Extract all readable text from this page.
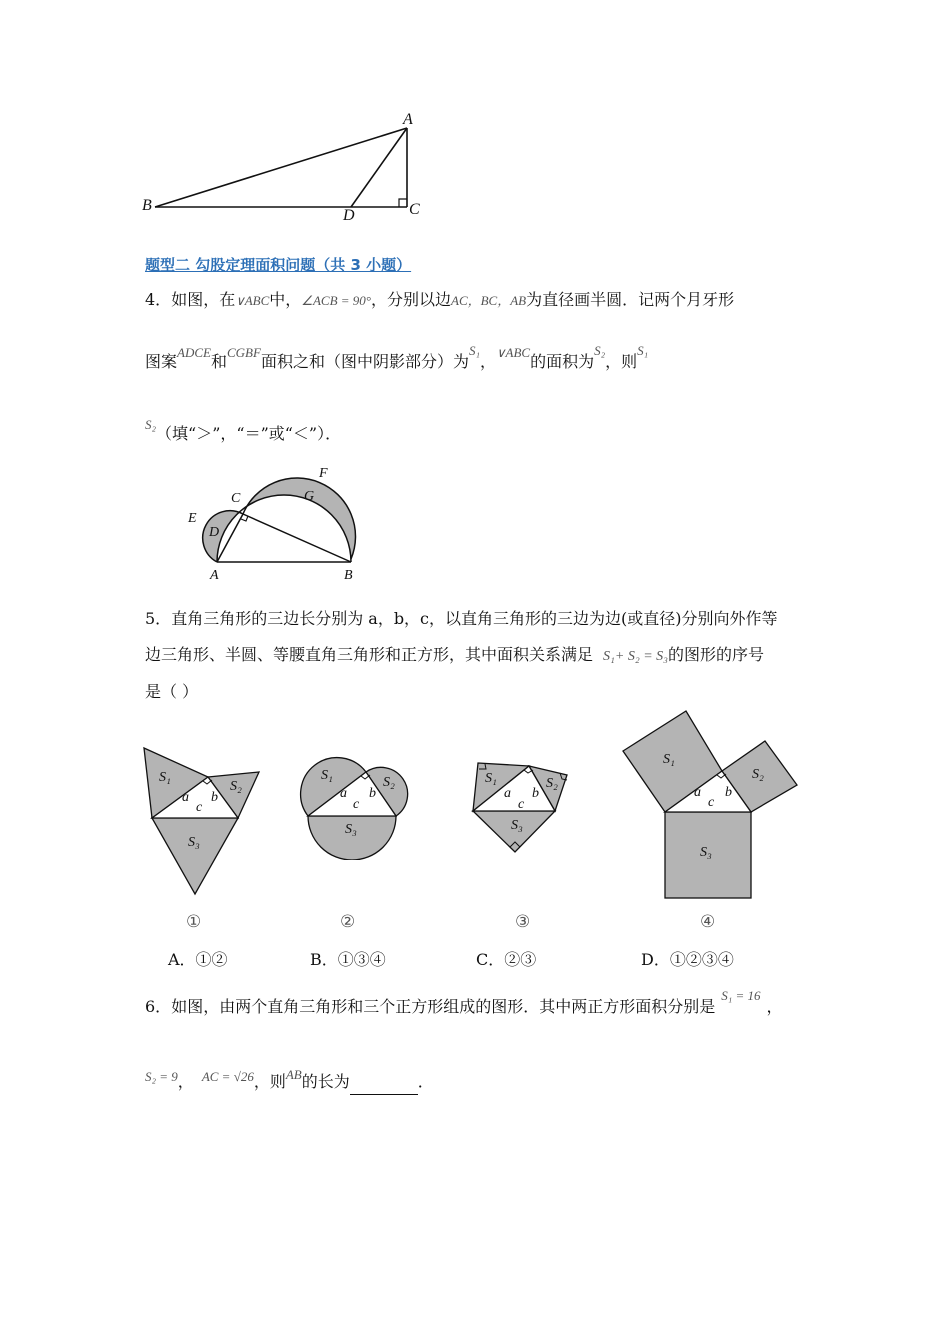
A
B
D	C
题型二 勾股定理面积问题（共 3 小题）
4．如图，在∨ABC中，∠ACB = 90°，分别以边AC，BC，AB为直径画半圆．记两个月牙形
图案$^{ADCE}$和$^{CGBF}$面积之和（图中阴影部分）为$^{S_1}$，$^{\vee ABC}$的面积为$^{S_2}$，则$^{S_1}$
$^{S_2}$（填“＞”，“＝”或“＜”）．
F
C	G
E
D
A	B
5．直角三角形的三边长分别为 a，b，c，以直角三角形的三边为边(或直径)分别向外作等
边三角形、半圆、等腰直角三角形和正方形，其中面积关系满足 S₁+ S₂ = S₃的图形的序号
是（ ）
S₁
S₂
a b
c
S₃
S₁	S₂
a b
c
S₃
S₁	S₂
a b
c
S₃
S₁
S₂
a b
c
S₃
①	②	③	④
A．①②	B．①③④	C．②③	D．①②③④
6．如图，由两个直角三角形和三个正方形组成的图形．其中两正方形面积分别是$^{S_1 = 16}$，
$^{S_2 = 9}$， $^{AC = √26}$，则$^{AB}$的长为	．
